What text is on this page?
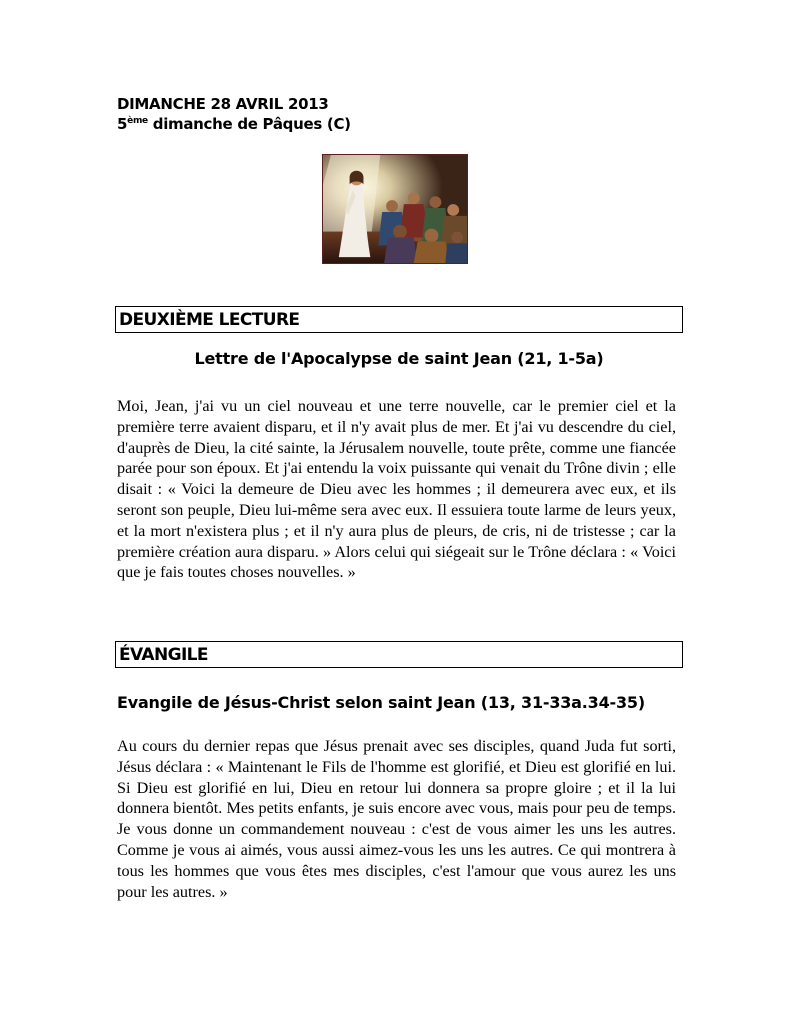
DIMANCHE 28 AVRIL 2013
5ème dimanche de Pâques (C)
DEUXIÈME LECTURE
Lettre de l'Apocalypse de saint Jean (21, 1-5a)

Moi, Jean, j'ai vu un ciel nouveau et une terre nouvelle, car le premier ciel et la première terre avaient disparu, et il n'y avait plus de mer. Et j'ai vu descendre du ciel, d'auprès de Dieu, la cité sainte, la Jérusalem nouvelle, toute prête, comme une fiancée parée pour son époux. Et j'ai entendu la voix puissante qui venait du Trône divin ; elle disait : « Voici la demeure de Dieu avec les hommes ; il demeurera avec eux, et ils seront son peuple, Dieu lui-même sera avec eux. Il essuiera toute larme de leurs yeux, et la mort n'existera plus ; et il n'y aura plus de pleurs, de cris, ni de tristesse ; car la première création aura disparu. » Alors celui qui siégeait sur le Trône déclara : « Voici que je fais toutes choses nouvelles. »

ÉVANGILE
Evangile de Jésus-Christ selon saint Jean (13, 31-33a.34-35)

Au cours du dernier repas que Jésus prenait avec ses disciples, quand Juda fut sorti, Jésus déclara : « Maintenant le Fils de l'homme est glorifié, et Dieu est glorifié en lui. Si Dieu est glorifié en lui, Dieu en retour lui donnera sa propre gloire ; et il la lui donnera bientôt. Mes petits enfants, je suis encore avec vous, mais pour peu de temps. Je vous donne un commandement nouveau : c'est de vous aimer les uns les autres. Comme je vous ai aimés, vous aussi aimez-vous les uns les autres. Ce qui montrera à tous les hommes que vous êtes mes disciples, c'est l'amour que vous aurez les uns pour les autres. »
